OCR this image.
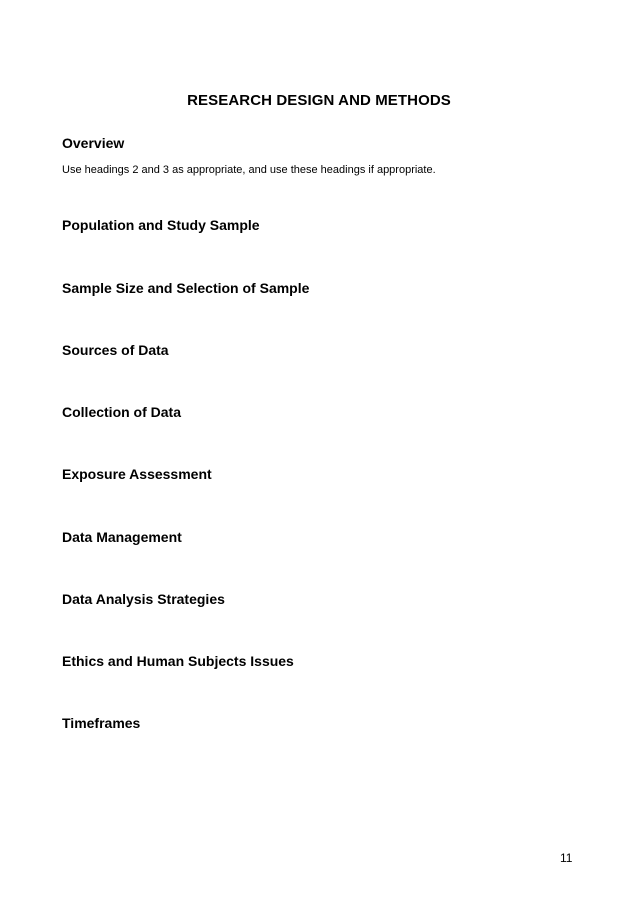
RESEARCH DESIGN AND METHODS
Overview

Use headings 2 and 3 as appropriate, and use these headings if appropriate.

Population and Study Sample
Sample Size and Selection of Sample
Sources of Data
Collection of Data
Exposure Assessment
Data Management
Data Analysis Strategies
Ethics and Human Subjects Issues
Timeframes

11
